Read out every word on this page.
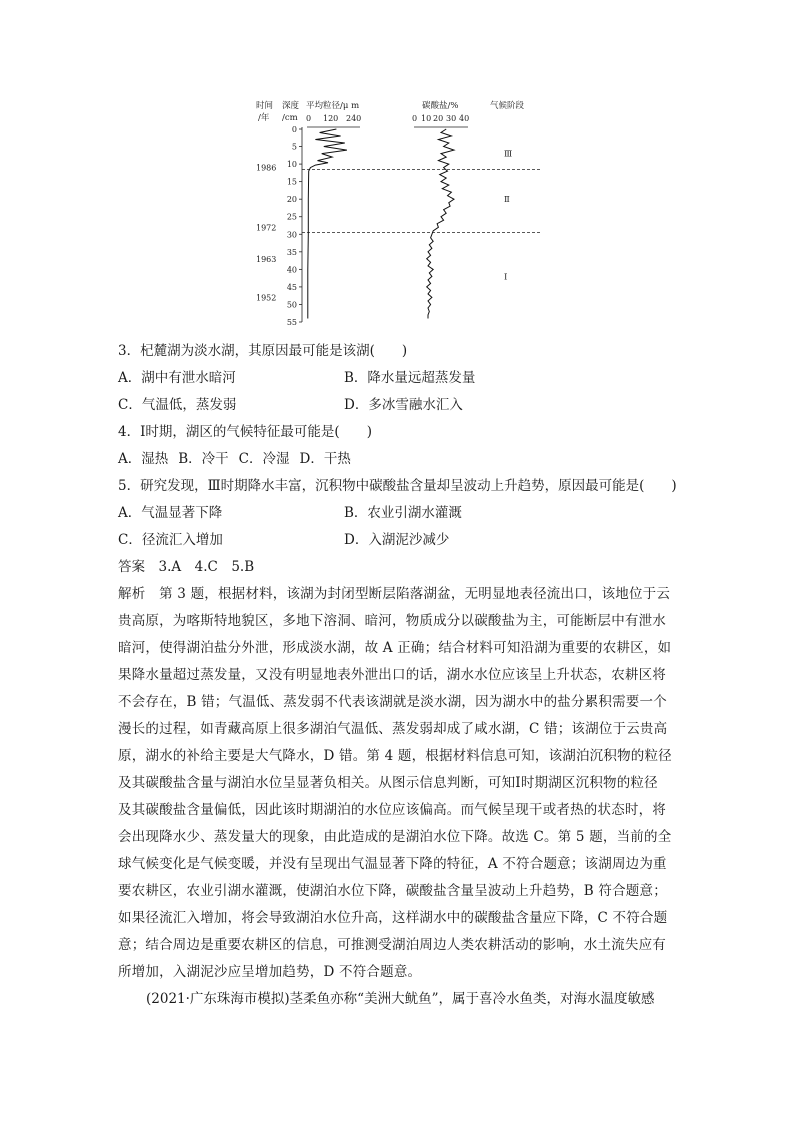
时间
/年
深度
/cm
平均粒径/μ m	碳酸盐/%	气候阶段
0 120 240	0 10 20 30 40
0
5
10
15
20
25
30
35
40
45
50
55
1986
1972
1963
1952
Ⅲ
Ⅱ
Ⅰ
3．杞麓湖为淡水湖，其原因最可能是该湖(　　)
A．湖中有泄水暗河	B．降水量远超蒸发量
C．气温低，蒸发弱	D．多冰雪融水汇入
4．Ⅰ时期，湖区的气候特征最可能是(　　)
A．湿热 B．冷干 C．冷湿 D．干热
5．研究发现，Ⅲ时期降水丰富，沉积物中碳酸盐含量却呈波动上升趋势，原因最可能是(　　)
A．气温显著下降	B．农业引湖水灌溉
C．径流汇入增加	D．入湖泥沙减少
答案　3.A　4.C　5.B
解析　第 3 题，根据材料，该湖为封闭型断层陷落湖盆，无明显地表径流出口，该地位于云
贵高原，为喀斯特地貌区，多地下溶洞、暗河，物质成分以碳酸盐为主，可能断层中有泄水
暗河，使得湖泊盐分外泄，形成淡水湖，故 A 正确；结合材料可知沿湖为重要的农耕区，如
果降水量超过蒸发量，又没有明显地表外泄出口的话，湖水水位应该呈上升状态，农耕区将
不会存在，B 错；气温低、蒸发弱不代表该湖就是淡水湖，因为湖水中的盐分累积需要一个
漫长的过程，如青藏高原上很多湖泊气温低、蒸发弱却成了咸水湖，C 错；该湖位于云贵高
原，湖水的补给主要是大气降水，D 错。第 4 题，根据材料信息可知，该湖泊沉积物的粒径
及其碳酸盐含量与湖泊水位呈显著负相关。从图示信息判断，可知Ⅰ时期湖区沉积物的粒径
及其碳酸盐含量偏低，因此该时期湖泊的水位应该偏高。而气候呈现干或者热的状态时，将
会出现降水少、蒸发量大的现象，由此造成的是湖泊水位下降。故选 C。第 5 题，当前的全
球气候变化是气候变暖，并没有呈现出气温显著下降的特征，A 不符合题意；该湖周边为重
要农耕区，农业引湖水灌溉，使湖泊水位下降，碳酸盐含量呈波动上升趋势，B 符合题意；
如果径流汇入增加，将会导致湖泊水位升高，这样湖水中的碳酸盐含量应下降，C 不符合题
意；结合周边是重要农耕区的信息，可推测受湖泊周边人类农耕活动的影响，水土流失应有
所增加，入湖泥沙应呈增加趋势，D 不符合题意。
(2021·广东珠海市模拟)茎柔鱼亦称“美洲大鱿鱼”，属于喜冷水鱼类，对海水温度敏感
